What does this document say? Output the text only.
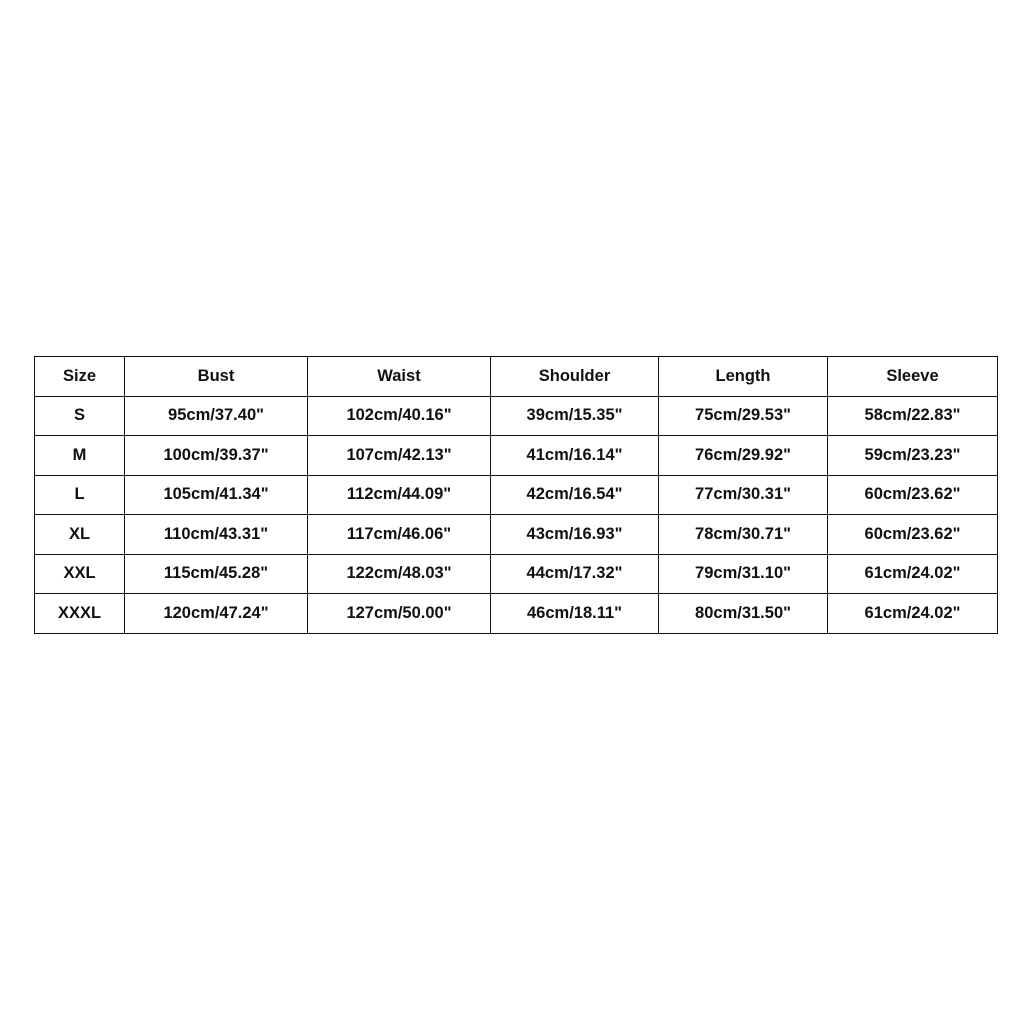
Size	Bust	Waist	Shoulder	Length	Sleeve
S	95cm/37.40"	102cm/40.16"	39cm/15.35"	75cm/29.53"	58cm/22.83"
M	100cm/39.37"	107cm/42.13"	41cm/16.14"	76cm/29.92"	59cm/23.23"
L	105cm/41.34"	112cm/44.09"	42cm/16.54"	77cm/30.31"	60cm/23.62"
XL	110cm/43.31"	117cm/46.06"	43cm/16.93"	78cm/30.71"	60cm/23.62"
XXL	115cm/45.28"	122cm/48.03"	44cm/17.32"	79cm/31.10"	61cm/24.02"
XXXL	120cm/47.24"	127cm/50.00"	46cm/18.11"	80cm/31.50"	61cm/24.02"
